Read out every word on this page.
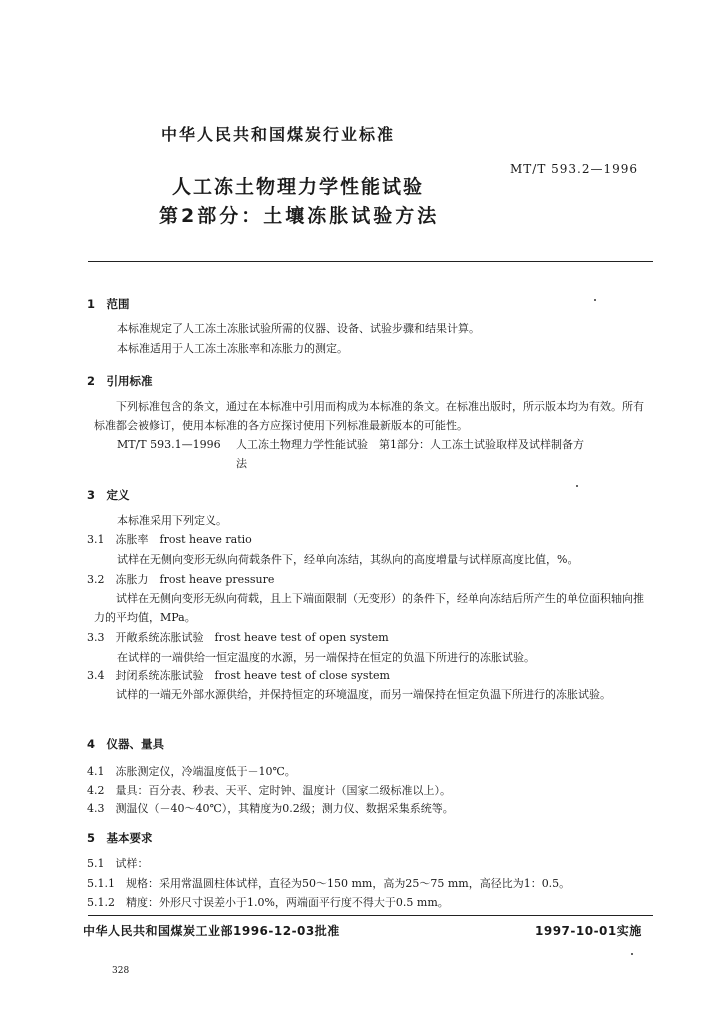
中华人民共和国煤炭行业标准
MT/T 593.2—1996
人工冻土物理力学性能试验
第2部分：土壤冻胀试验方法
1　范围
本标准规定了人工冻土冻胀试验所需的仪器、设备、试验步骤和结果计算。
本标准适用于人工冻土冻胀率和冻胀力的测定。
2　引用标准
下列标准包含的条文，通过在本标准中引用而构成为本标准的条文。在标准出版时，所示版本均为有效。所有标准都会被修订，使用本标准的各方应探讨使用下列标准最新版本的可能性。
MT/T 593.1—1996 人工冻土物理力学性能试验　第1部分：人工冻土试验取样及试样制备方
法
3　定义
本标准采用下列定义。
3.1　冻胀率　frost heave ratio
试样在无侧向变形无纵向荷载条件下，经单向冻结，其纵向的高度增量与试样原高度比值，%。
3.2　冻胀力　frost heave pressure
试样在无侧向变形无纵向荷载，且上下端面限制（无变形）的条件下，经单向冻结后所产生的单位面积轴向推力的平均值，MPa。
3.3　开敞系统冻胀试验　frost heave test of open system
在试样的一端供给一恒定温度的水源，另一端保持在恒定的负温下所进行的冻胀试验。
3.4　封闭系统冻胀试验　frost heave test of close system
试样的一端无外部水源供给，并保持恒定的环境温度，而另一端保持在恒定负温下所进行的冻胀试验。
4　仪器、量具
4.1　冻胀测定仪，冷端温度低于－10℃。
4.2　量具：百分表、秒表、天平、定时钟、温度计（国家二级标准以上）。
4.3　测温仪（－40～40℃），其精度为0.2级；测力仪、数据采集系统等。
5　基本要求
5.1　试样：
5.1.1　规格：采用常温圆柱体试样，直径为50～150 mm，高为25～75 mm，高径比为1：0.5。
5.1.2　精度：外形尺寸误差小于1.0%，两端面平行度不得大于0.5 mm。
中华人民共和国煤炭工业部1996-12-03批准	1997-10-01实施
328
